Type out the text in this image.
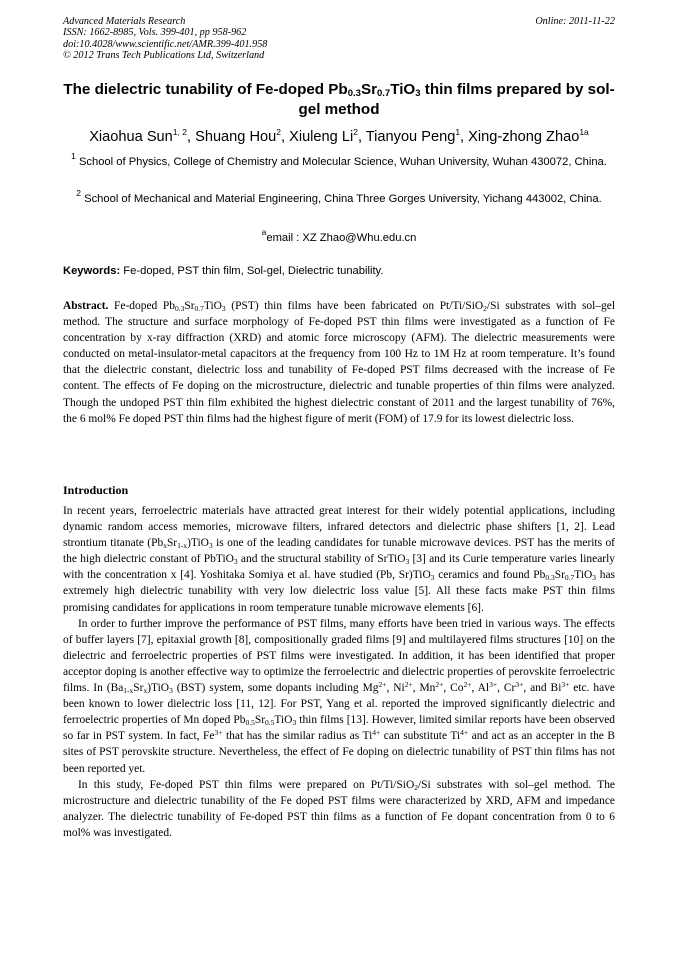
Advanced Materials Research
ISSN: 1662-8985, Vols. 399-401, pp 958-962
doi:10.4028/www.scientific.net/AMR.399-401.958
© 2012 Trans Tech Publications Ltd, Switzerland
Online: 2011-11-22
The dielectric tunability of Fe-doped $Pb_{0.3}Sr_{0.7}TiO_3$ thin films prepared by sol-gel method
Xiaohua Sun$^{1, 2}$, Shuang Hou$^2$, Xiuleng Li$^2$, Tianyou Peng$^1$, Xing-zhong Zhao$^{1a}$
$^1$ School of Physics, College of Chemistry and Molecular Science, Wuhan University, Wuhan 430072, China.
$^2$ School of Mechanical and Material Engineering, China Three Gorges University, Yichang 443002, China.
$^a$email : XZ Zhao@Whu.edu.cn
Keywords: Fe-doped, PST thin film, Sol-gel, Dielectric tunability.
Abstract. Fe-doped $Pb_{0.3}Sr_{0.7}TiO_3$ (PST) thin films have been fabricated on Pt/Ti/SiO$_2$/Si substrates with sol–gel method. The structure and surface morphology of Fe-doped PST thin films were investigated as a function of Fe concentration by x-ray diffraction (XRD) and atomic force microscopy (AFM). The dielectric measurements were conducted on metal-insulator-metal capacitors at the frequency from 100 Hz to 1M Hz at room temperature. It’s found that the dielectric constant, dielectric loss and tunability of Fe-doped PST films decreased with the increase of Fe content. The effects of Fe doping on the microstructure, dielectric and tunable properties of thin films were analyzed. Though the undoped PST thin film exhibited the highest dielectric constant of 2011 and the largest tunability of 76%, the 6 mol% Fe doped PST thin films had the highest figure of merit (FOM) of 17.9 for its lowest dielectric loss.
Introduction

In recent years, ferroelectric materials have attracted great interest for their widely potential applications, including dynamic random access memories, microwave filters, infrared detectors and dielectric phase shifters [1, 2]. Lead strontium titanate $(Pb_xSr_{1-x})TiO_3$ is one of the leading candidates for tunable microwave devices. PST has the merits of the high dielectric constant of PbTiO$_3$ and the structural stability of SrTiO$_3$ [3] and its Curie temperature varies linearly with the concentration x [4]. Yoshitaka Somiya et al. have studied (Pb, Sr)TiO$_3$ ceramics and found $Pb_{0.3}Sr_{0.7}TiO_3$ has extremely high dielectric tunability with very low dielectric loss value [5]. All these facts make PST thin films promising candidates for applications in room temperature tunable microwave elements [6].

In order to further improve the performance of PST films, many efforts have been tried in various ways. The effects of buffer layers [7], epitaxial growth [8], compositionally graded films [9] and multilayered films structures [10] on the dielectric and ferroelectric properties of PST films were investigated. In addition, it has been identified that proper acceptor doping is another effective way to optimize the ferroelectric and dielectric properties of perovskite ferroelectric films. In $(Ba_{1-x}Sr_x)TiO_3$ (BST) system, some dopants including $Mg^{2+}$, $Ni^{2+}$, $Mn^{2+}$, $Co^{2+}$, $Al^{3+}$, $Cr^{3+}$, and $Bi^{3+}$ etc. have been known to lower dielectric loss [11, 12]. For PST, Yang et al. reported the improved significantly dielectric and ferroelectric properties of Mn doped $Pb_{0.5}Sr_{0.5}TiO_3$ thin films [13]. However, limited similar reports have been observed so far in PST system. In fact, $Fe^{3+}$ that has the similar radius as $Ti^{4+}$ can substitute $Ti^{4+}$ and act as an accepter in the B sites of PST perovskite structure. Nevertheless, the effect of Fe doping on dielectric tunability of PST thin films has not been reported yet.

In this study, Fe-doped PST thin films were prepared on Pt/Ti/SiO$_2$/Si substrates with sol–gel method. The microstructure and dielectric tunability of the Fe doped PST films were characterized by XRD, AFM and impedance analyzer. The dielectric tunability of Fe-doped PST thin films as a function of Fe dopant concentration from 0 to 6 mol% was investigated.
